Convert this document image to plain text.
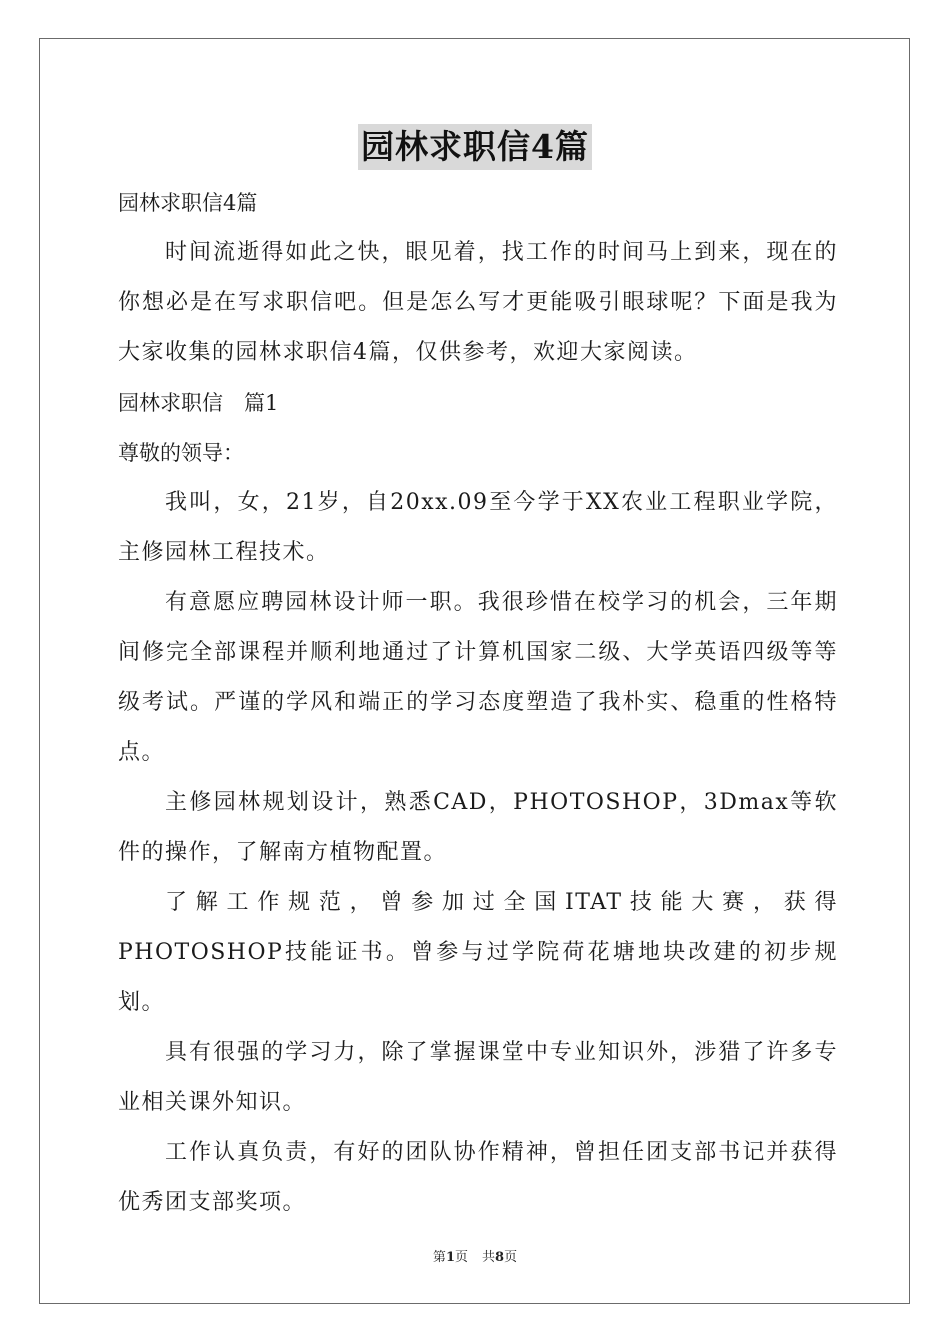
园林求职信4篇

园林求职信4篇

时间流逝得如此之快，眼见着，找工作的时间马上到来，现在的你想必是在写求职信吧。但是怎么写才更能吸引眼球呢？下面是我为大家收集的园林求职信4篇，仅供参考，欢迎大家阅读。

园林求职信　篇1

尊敬的领导：

我叫，女，21岁，自20xx.09至今学于XX农业工程职业学院，主修园林工程技术。

有意愿应聘园林设计师一职。我很珍惜在校学习的机会，三年期间修完全部课程并顺利地通过了计算机国家二级、大学英语四级等等级考试。严谨的学风和端正的学习态度塑造了我朴实、稳重的性格特点。

主修园林规划设计，熟悉CAD，PHOTOSHOP，3Dmax等软件的操作，了解南方植物配置。

了解工作规范，曾参加过全国ITAT技能大赛，获得PHOTOSHOP技能证书。曾参与过学院荷花塘地块改建的初步规划。

具有很强的学习力，除了掌握课堂中专业知识外，涉猎了许多专业相关课外知识。

工作认真负责，有好的团队协作精神，曾担任团支部书记并获得优秀团支部奖项。

第1页 共8页
